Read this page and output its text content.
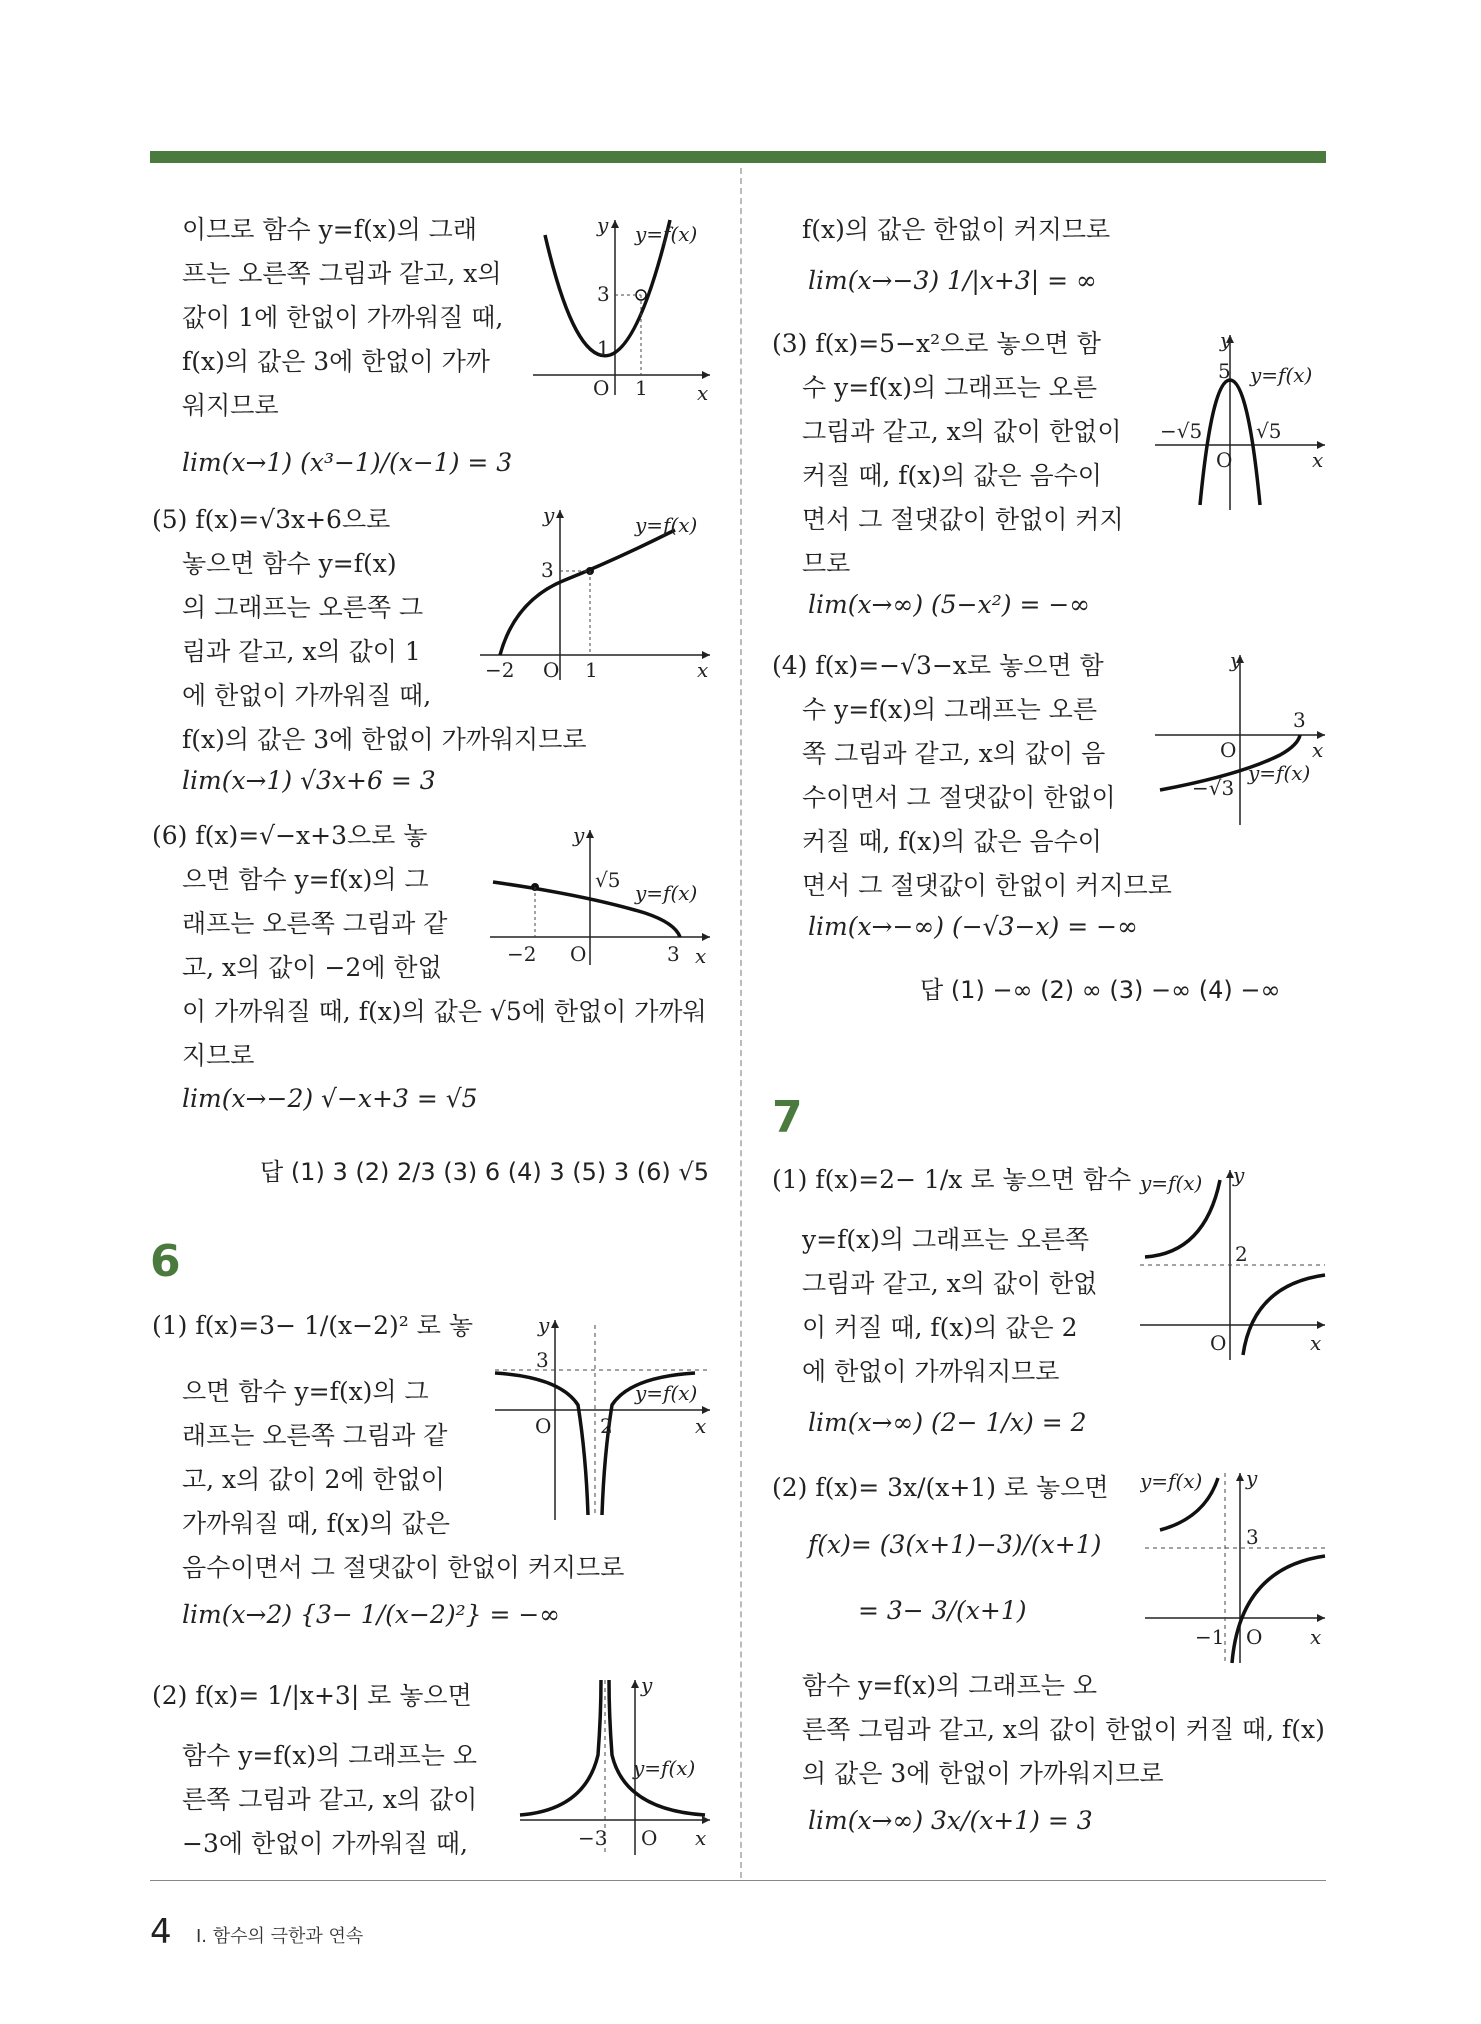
이므로 함수 y=f(x)의 그래
프는 오른쪽 그림과 같고, x의
값이 1에 한없이 가까워질 때,
f(x)의 값은 3에 한없이 가까
워지므로
lim(x→1) (x³−1)/(x−1) = 3
y
x
y=f(x)
O 1
3
1
(5) f(x)=√3x+6으로
놓으면 함수 y=f(x)
의 그래프는 오른쪽 그
림과 같고, x의 값이 1
에 한없이 가까워질 때,
f(x)의 값은 3에 한없이 가까워지므로
lim(x→1) √3x+6 = 3
y
x
y=f(x)
O
−2	1
3
(6) f(x)=√−x+3으로 놓
으면 함수 y=f(x)의 그
래프는 오른쪽 그림과 같
고, x의 값이 −2에 한없
이 가까워질 때, f(x)의 값은 √5에 한없이 가까워
지므로
lim(x→−2) √−x+3 = √5
y
x
y=f(x)
O
−2	3
√5
답 (1) 3 (2) 2/3 (3) 6 (4) 3 (5) 3 (6) √5
6
(1) f(x)=3− 1/(x−2)² 로 놓
으면 함수 y=f(x)의 그
래프는 오른쪽 그림과 같
고, x의 값이 2에 한없이
가까워질 때, f(x)의 값은
음수이면서 그 절댓값이 한없이 커지므로
lim(x→2) {3− 1/(x−2)²} = −∞
y
x
y=f(x)
O 2
3
(2) f(x)= 1/|x+3| 로 놓으면
함수 y=f(x)의 그래프는 오
른쪽 그림과 같고, x의 값이
−3에 한없이 가까워질 때,
y
x
y=f(x)
O
−3
f(x)의 값은 한없이 커지므로
lim(x→−3) 1/|x+3| = ∞
(3) f(x)=5−x²으로 놓으면 함
수 y=f(x)의 그래프는 오른
그림과 같고, x의 값이 한없이
커질 때, f(x)의 값은 음수이
면서 그 절댓값이 한없이 커지
므로
lim(x→∞) (5−x²) = −∞
y
x
y=f(x)
O
−√5	√5
5
(4) f(x)=−√3−x로 놓으면 함
수 y=f(x)의 그래프는 오른
쪽 그림과 같고, x의 값이 음
수이면서 그 절댓값이 한없이
커질 때, f(x)의 값은 음수이
면서 그 절댓값이 한없이 커지므로
lim(x→−∞) (−√3−x) = −∞
y
x
y=f(x)
O
3
−√3
답 (1) −∞ (2) ∞ (3) −∞ (4) −∞
7
(1) f(x)=2− 1/x 로 놓으면 함수
y=f(x)의 그래프는 오른쪽
그림과 같고, x의 값이 한없
이 커질 때, f(x)의 값은 2
에 한없이 가까워지므로
lim(x→∞) (2− 1/x) = 2
y
x
y=f(x)
O
2
(2) f(x)= 3x/(x+1) 로 놓으면
f(x)= (3(x+1)−3)/(x+1)
= 3− 3/(x+1)
함수 y=f(x)의 그래프는 오
른쪽 그림과 같고, x의 값이 한없이 커질 때, f(x)
의 값은 3에 한없이 가까워지므로
lim(x→∞) 3x/(x+1) = 3
y
x
y=f(x)
O
−1
3
4 Ⅰ. 함수의 극한과 연속
